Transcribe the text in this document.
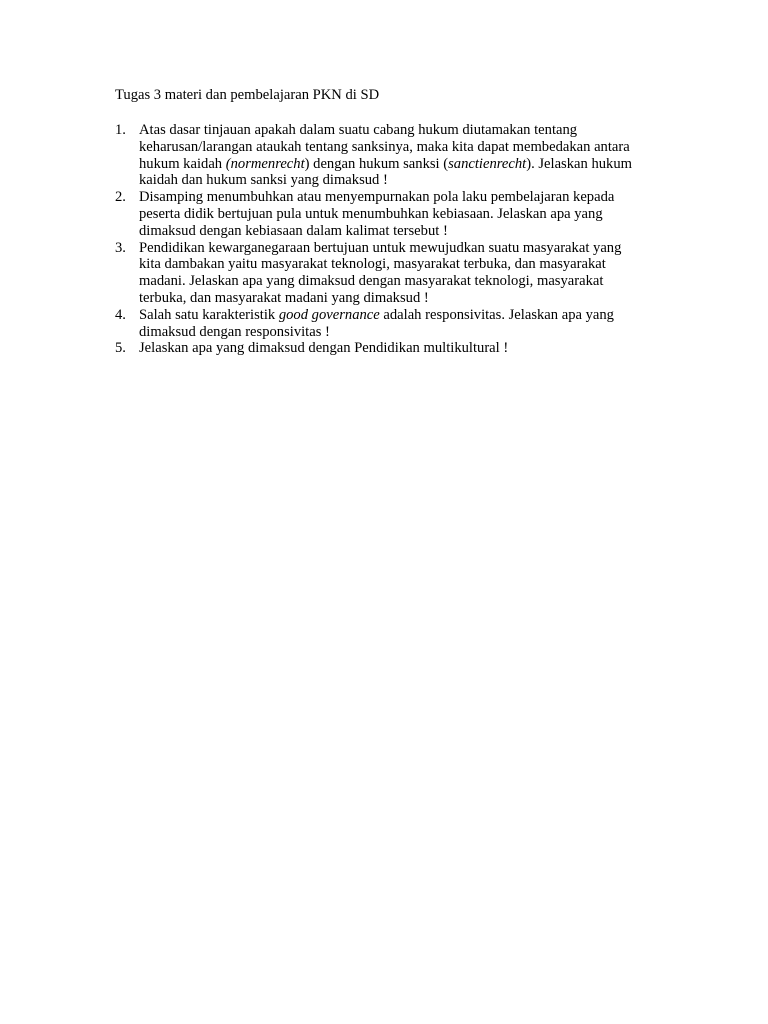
Tugas 3 materi dan pembelajaran PKN di SD
1. Atas dasar tinjauan apakah dalam suatu cabang hukum diutamakan tentang
keharusan/larangan ataukah tentang sanksinya, maka kita dapat membedakan antara
hukum kaidah (normenrecht) dengan hukum sanksi (sanctienrecht). Jelaskan hukum
kaidah dan hukum sanksi yang dimaksud !
2. Disamping menumbuhkan atau menyempurnakan pola laku pembelajaran kepada
peserta didik bertujuan pula untuk menumbuhkan kebiasaan. Jelaskan apa yang
dimaksud dengan kebiasaan dalam kalimat tersebut !
3. Pendidikan kewarganegaraan bertujuan untuk mewujudkan suatu masyarakat yang
kita dambakan yaitu masyarakat teknologi, masyarakat terbuka, dan masyarakat
madani. Jelaskan apa yang dimaksud dengan masyarakat teknologi, masyarakat
terbuka, dan masyarakat madani yang dimaksud !
4. Salah satu karakteristik good governance adalah responsivitas. Jelaskan apa yang
dimaksud dengan responsivitas !
5. Jelaskan apa yang dimaksud dengan Pendidikan multikultural !
